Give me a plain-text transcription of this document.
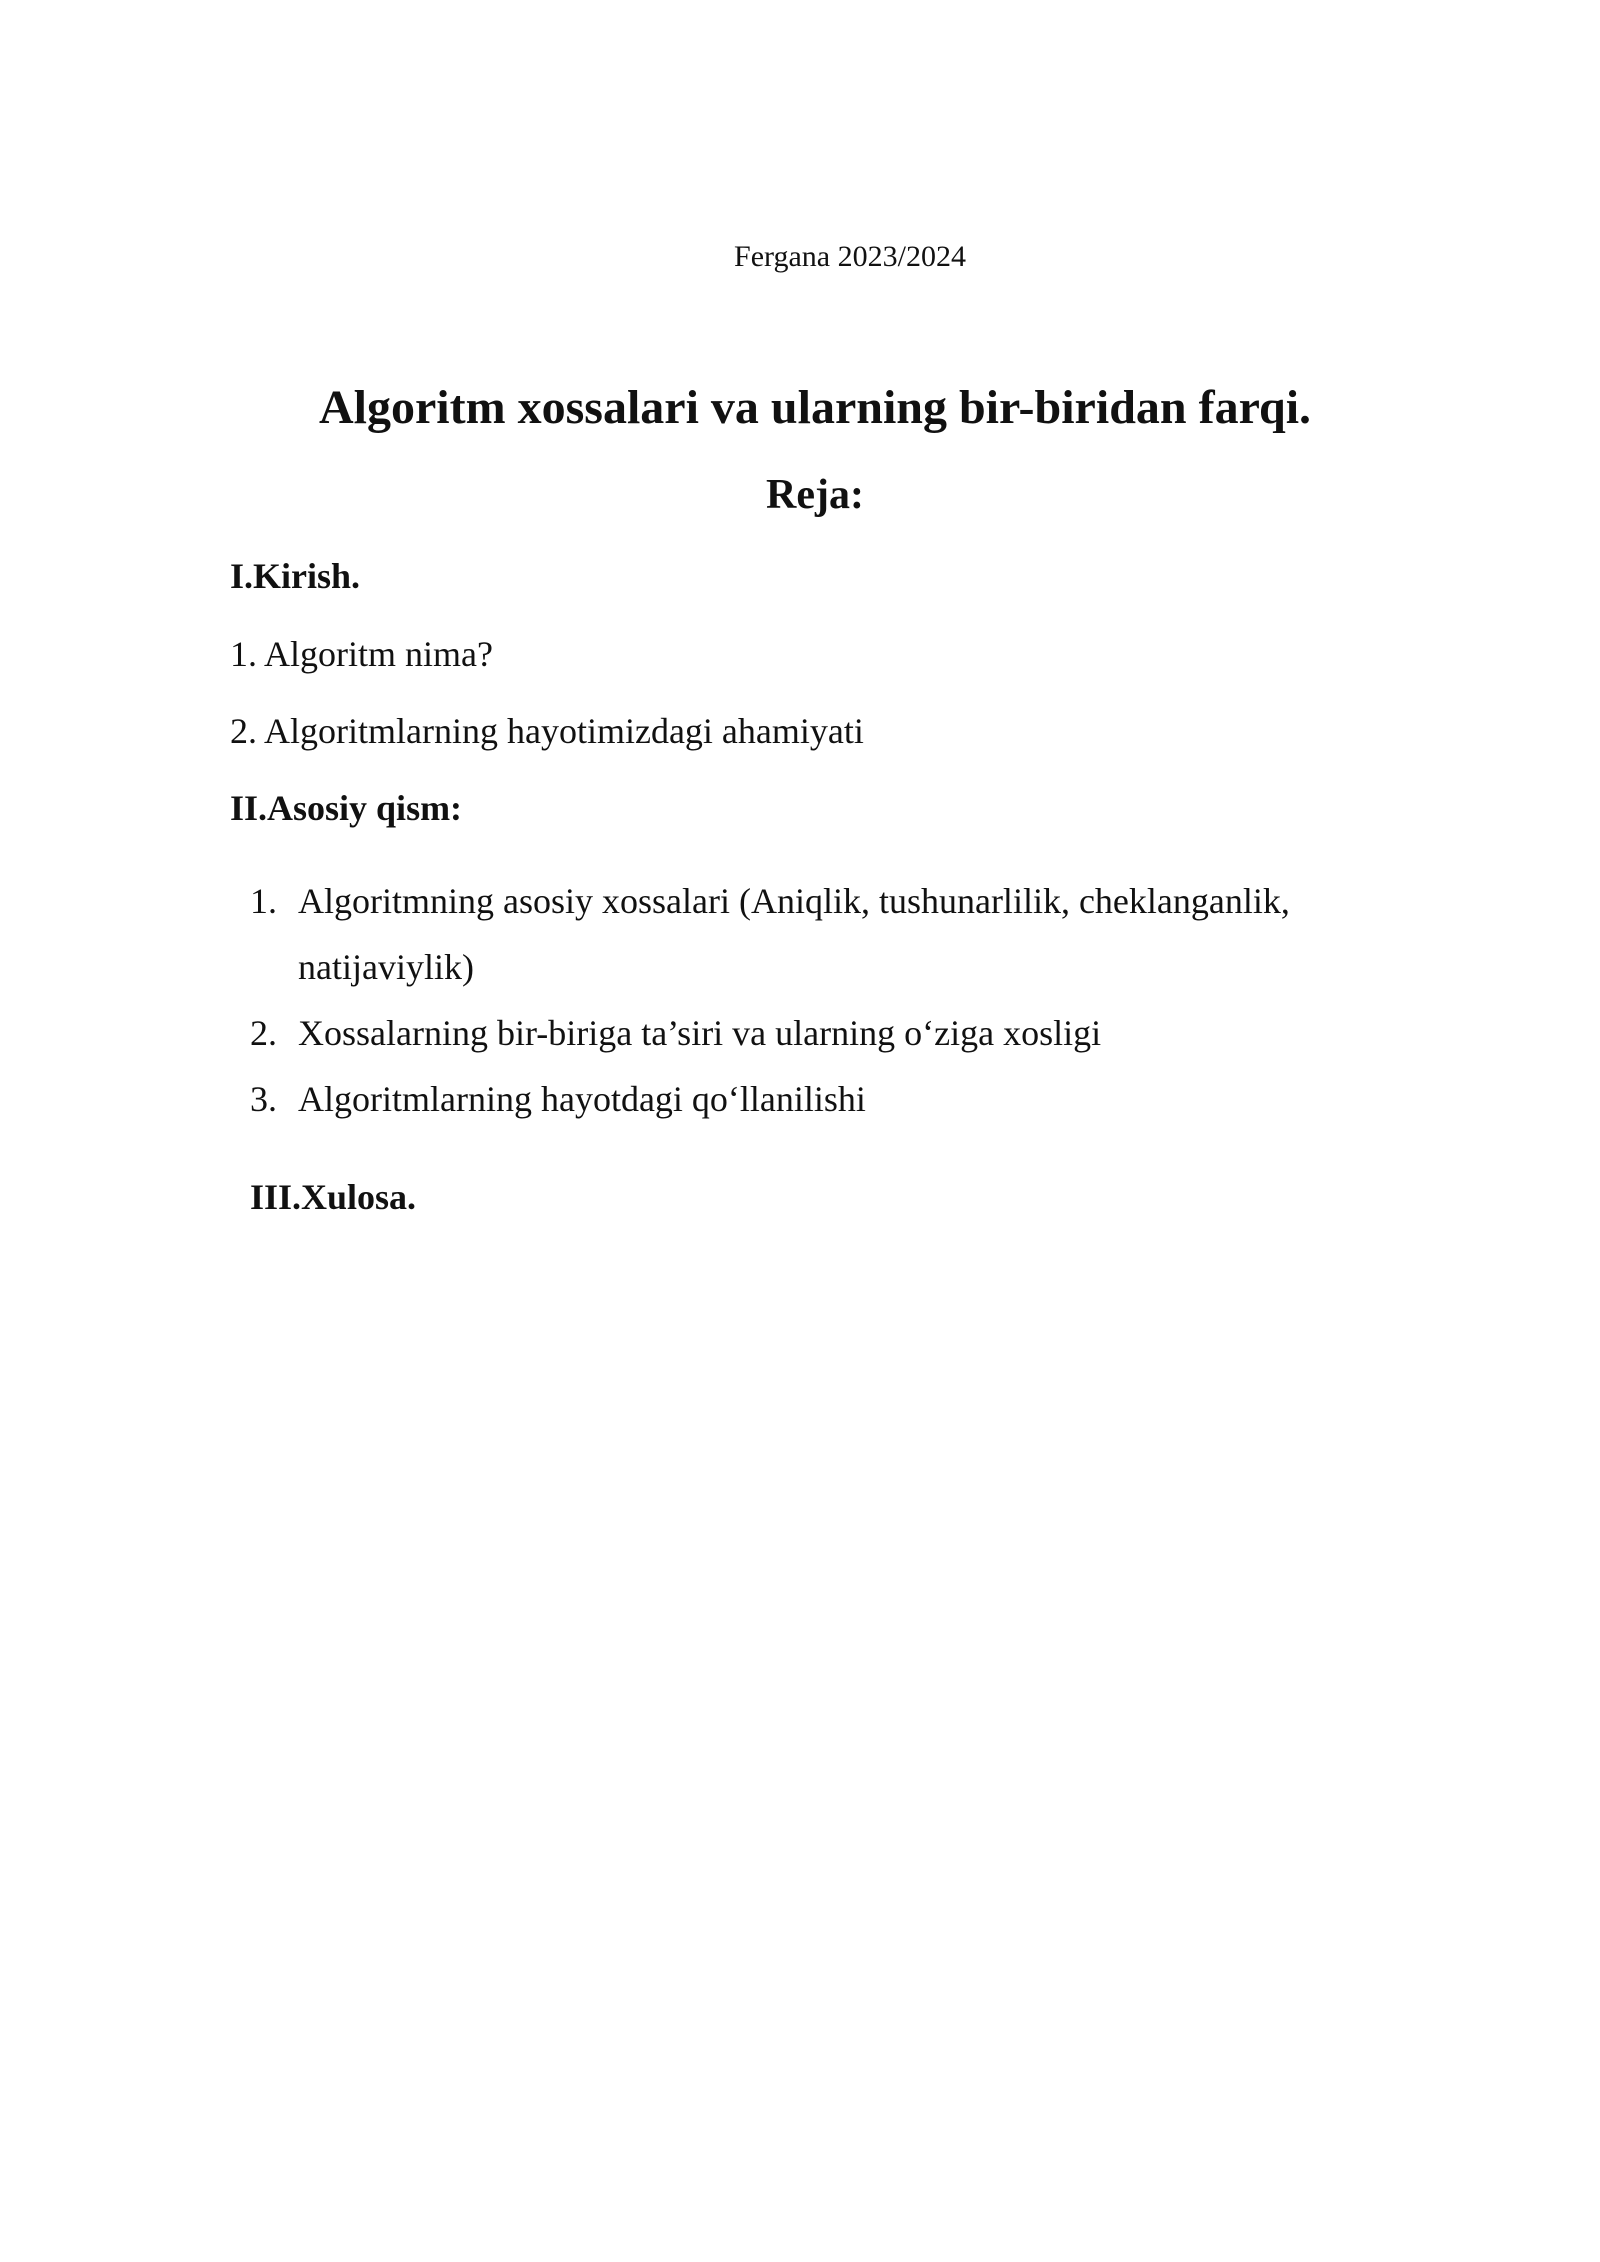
Fergana 2023/2024
Algoritm xossalari va ularning bir-biridan farqi.
Reja:
I.Kirish.
1. Algoritm nima?
2. Algoritmlarning hayotimizdagi ahamiyati
II.Asosiy qism:
1. Algoritmning asosiy xossalari (Aniqlik, tushunarlilik, cheklanganlik, natijaviylik)
2. Xossalarning bir-biriga ta’siri va ularning o‘ziga xosligi
3. Algoritmlarning hayotdagi qo‘llanilishi
III.Xulosa.
